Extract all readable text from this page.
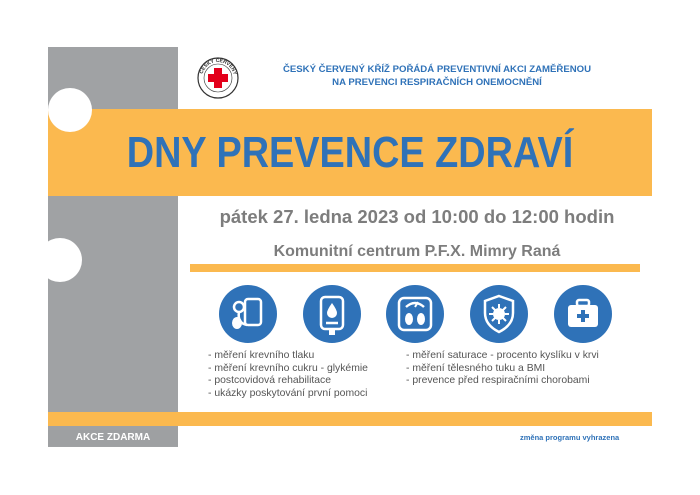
ČESKÝ ČERVENÝ	ČESKÝ ČERVENÝ KŘÍŽ POŘÁDÁ PREVENTIVNÍ AKCI ZAMĚŘENOU
NA PREVENCI RESPIRAČNÍCH ONEMOCNĚNÍ
DNY PREVENCE ZDRAVÍ
pátek 27. ledna 2023 od 10:00 do 12:00 hodin
Komunitní centrum P.F.X. Mimry Raná
- měření krevního tlaku
- měření krevního cukru - glykémie
- postcovidová rehabilitace
- ukázky poskytování první pomoci
- měření saturace - procento kyslíku v krvi
- měření tělesného tuku a BMI
- prevence před respiračními chorobami
AKCE ZDARMA	změna programu vyhrazena
